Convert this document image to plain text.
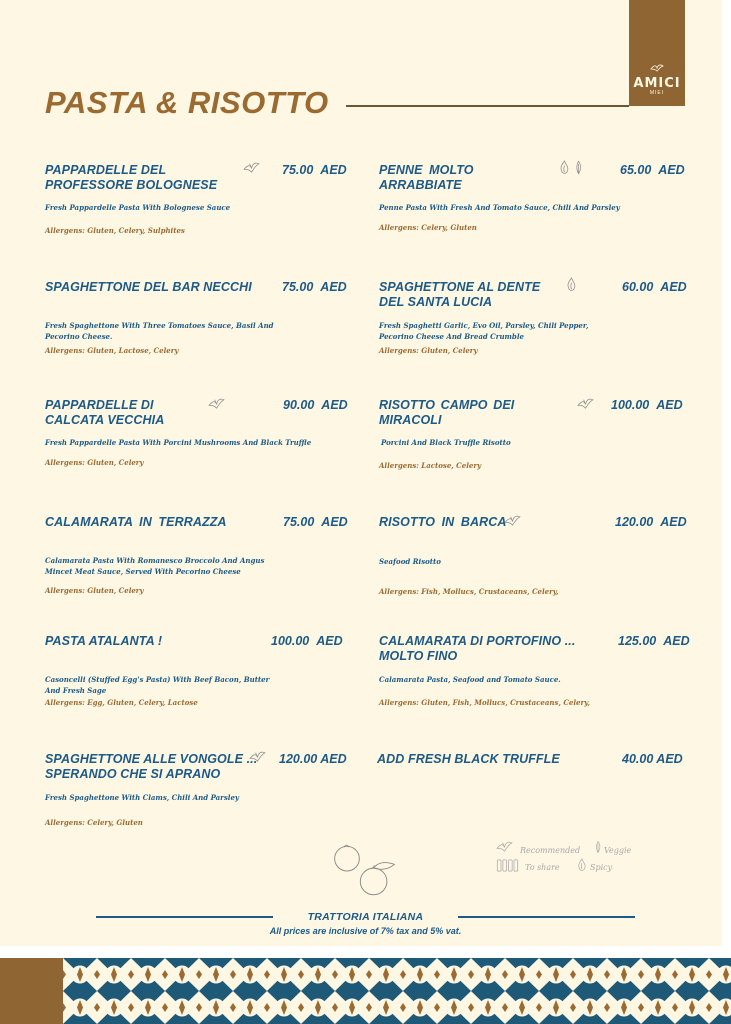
AMICI
MIEI
PASTA & RISOTTO

PAPPARDELLE DEL PROFESSORE BOLOGNESE

75.00 AED

Fresh Pappardelle Pasta With Bolognese Sauce

Allergens: Gluten, Celery, Sulphites

PENNE MOLTO ARRABBIATE

65.00 AED

Penne Pasta With Fresh And Tomato Sauce, Chili And Parsley

Allergens: Celery, Gluten

SPAGHETTONE DEL BAR NECCHI	75.00 AED

Fresh Spaghettone With Three Tomatoes Sauce, Basil And Pecorino Cheese.

Allergens: Gluten, Lactose, Celery

SPAGHETTONE AL DENTE DEL SANTA LUCIA

60.00 AED

Fresh Spaghetti Garlic, Evo Oil, Parsley, Chili Pepper, Pecorino Cheese And Bread Crumble

Allergens: Gluten, Celery

PAPPARDELLE DI CALCATA VECCHIA

90.00 AED

Fresh Pappardelle Pasta With Porcini Mushrooms And Black Truffle

Allergens: Gluten, Celery

RISOTTO CAMPO DEI MIRACOLI

100.00 AED

Porcini And Black Truffle Risotto

Allergens: Lactose, Celery

CALAMARATA IN TERRAZZA	75.00 AED

Calamarata Pasta With Romanesco Broccolo And Angus Mincet Meat Sauce, Served With Pecorino Cheese

Allergens: Gluten, Celery

RISOTTO IN BARCA	120.00 AED

Seafood Risotto

Allergens: Fish, Mollucs, Crustaceans, Celery,

PASTA ATALANTA !	100.00 AED

Casoncelli (Stuffed Egg's Pasta) With Beef Bacon, Butter And Fresh Sage

Allergens: Egg, Gluten, Celery, Lactose

CALAMARATA DI PORTOFINO ... MOLTO FINO

125.00 AED

Calamarata Pasta, Seafood and Tomato Sauce.

Allergens: Gluten, Fish, Mollucs, Crustaceans, Celery,

SPAGHETTONE ALLE VONGOLE ... SPERANDO CHE SI APRANO

120.00 AED

Fresh Spaghettone With Clams, Chili And Parsley

Allergens: Celery, Gluten

ADD FRESH BLACK TRUFFLE	40.00 AED

Recommended	Veggie
To share	Spicy

TRATTORIA ITALIANA

All prices are inclusive of 7% tax and 5% vat.
